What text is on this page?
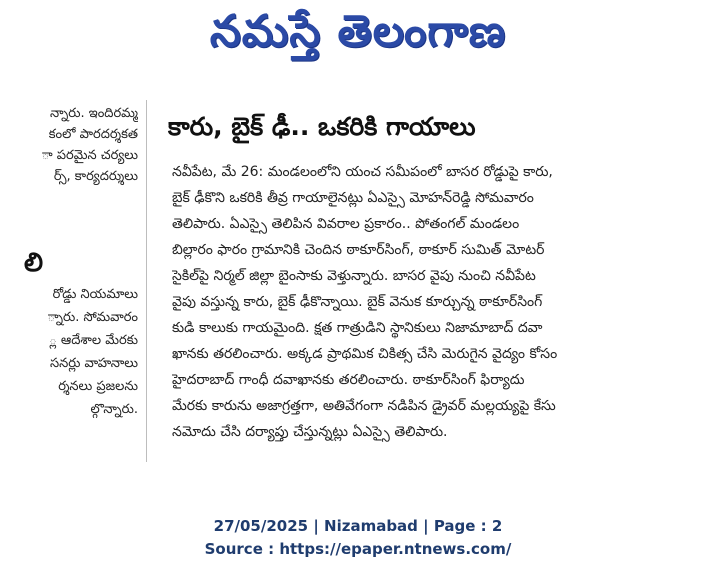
నమస్తే తెలంగాణ
న్నారు. ఇందిరమ్మ
కంలో పారదర్శకత
ా పరమైన చర్యలు
ర్స్, కార్యదర్శులు
లి
రోడ్డు నియమాలు
్నారు. సోమవారం
్ల ఆదేశాల మేరకు
సనర్లు వాహనాలు
ర్శనలు ప్రజలను
ల్గొన్నారు.
కారు, బైక్‌ ఢీ.. ఒకరికి గాయాలు
నవీపేట, మే 26: మండలంలోని యంచ సమీపంలో బాసర రోడ్డుపై కారు,
బైక్‌ ఢీకొని ఒకరికి తీవ్ర గాయాలైనట్లు ఏఎస్సై మోహన్‌రెడ్డి సోమవారం
తెలిపారు. ఏఎస్సై తెలిపిన వివరాల ప్రకారం.. పోతంగల్‌ మండలం
బిల్లారం ఫారం గ్రామానికి చెందిన ఠాకూర్‌సింగ్‌, ఠాకూర్‌ సుమిత్‌ మోటర్‌
సైకిల్‌పై నిర్మల్‌ జిల్లా బైంసాకు వెళ్తున్నారు. బాసర వైపు నుంచి నవీపేట
వైపు వస్తున్న కారు, బైక్‌ ఢీకొన్నాయి. బైక్‌ వెనుక కూర్చున్న ఠాకూర్‌సింగ్‌
కుడి కాలుకు గాయమైంది. క్షత గాత్రుడిని స్థానికులు నిజామాబాద్‌ దవా
ఖానకు తరలించారు. అక్కడ ప్రాథమిక చికిత్స చేసి మెరుగైన వైద్యం కోసం
హైదరాబాద్‌ గాంధీ దవాఖానకు తరలించారు. ఠాకూర్‌సింగ్‌ ఫిర్యాదు
మేరకు కారును అజాగ్రత్తగా, అతివేగంగా నడిపిన డ్రైవర్‌ మల్లయ్యపై కేసు
నమోదు చేసి దర్యాప్తు చేస్తున్నట్లు ఏఎస్సై తెలిపారు.
27/05/2025 | Nizamabad | Page : 2
Source : https://epaper.ntnews.com/
